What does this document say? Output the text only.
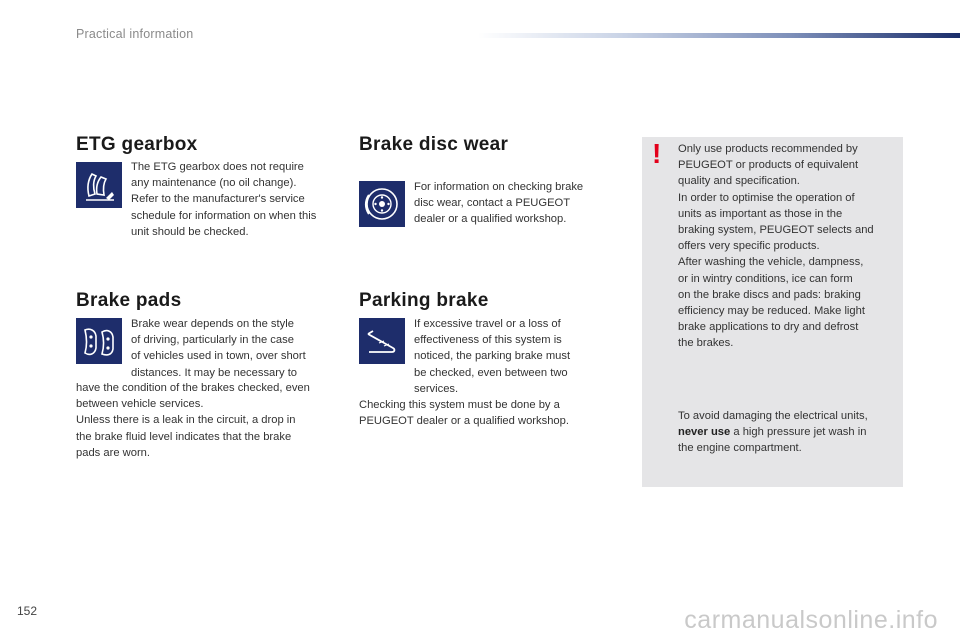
Practical information
ETG gearbox
The ETG gearbox does not require
any maintenance (no oil change).
Refer to the manufacturer's service
schedule for information on when this
unit should be checked.
Brake pads
Brake wear depends on the style
of driving, particularly in the case
of vehicles used in town, over short
distances. It may be necessary to
have the condition of the brakes checked, even
between vehicle services.
Unless there is a leak in the circuit, a drop in
the brake fluid level indicates that the brake
pads are worn.
Brake disc wear
For information on checking brake
disc wear, contact a PEUGEOT
dealer or a qualified workshop.
Parking brake
If excessive travel or a loss of
effectiveness of this system is
noticed, the parking brake must
be checked, even between two
services.
Checking this system must be done by a
PEUGEOT dealer or a qualified workshop.
! Only use products recommended by
PEUGEOT or products of equivalent
quality and specification.
In order to optimise the operation of
units as important as those in the
braking system, PEUGEOT selects and
offers very specific products.
After washing the vehicle, dampness,
or in wintry conditions, ice can form
on the brake discs and pads: braking
efficiency may be reduced. Make light
brake applications to dry and defrost
the brakes.
To avoid damaging the electrical units,
never use a high pressure jet wash in
the engine compartment.
152	carmanualsonline.info
